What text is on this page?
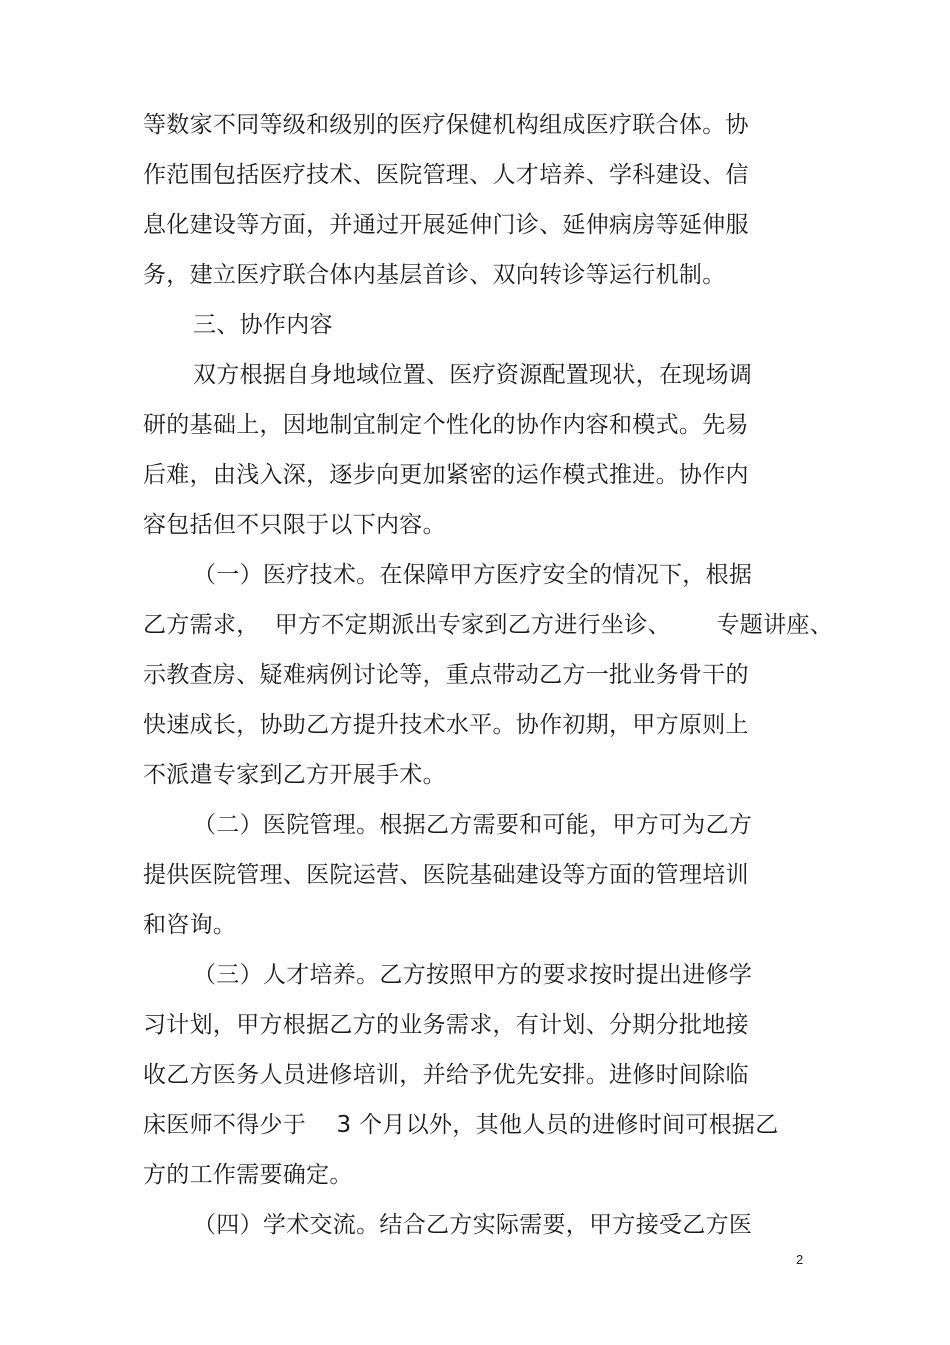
等数家不同等级和级别的医疗保健机构组成医疗联合体。协
作范围包括医疗技术、医院管理、人才培养、学科建设、信
息化建设等方面，并通过开展延伸门诊、延伸病房等延伸服
务，建立医疗联合体内基层首诊、双向转诊等运行机制。
三、协作内容
双方根据自身地域位置、医疗资源配置现状，在现场调
研的基础上，因地制宜制定个性化的协作内容和模式。先易
后难，由浅入深，逐步向更加紧密的运作模式推进。协作内
容包括但不只限于以下内容。
（一）医疗技术。在保障甲方医疗安全的情况下，根据
乙方需求，  甲方不定期派出专家到乙方进行坐诊、      专题讲座、
示教查房、疑难病例讨论等，重点带动乙方一批业务骨干的
快速成长，协助乙方提升技术水平。协作初期，甲方原则上
不派遣专家到乙方开展手术。
（二）医院管理。根据乙方需要和可能，甲方可为乙方
提供医院管理、医院运营、医院基础建设等方面的管理培训
和咨询。
（三）人才培养。乙方按照甲方的要求按时提出进修学
习计划，甲方根据乙方的业务需求，有计划、分期分批地接
收乙方医务人员进修培训，并给予优先安排。进修时间除临
床医师不得少于    3 个月以外，其他人员的进修时间可根据乙
方的工作需要确定。
（四）学术交流。结合乙方实际需要，甲方接受乙方医
2
